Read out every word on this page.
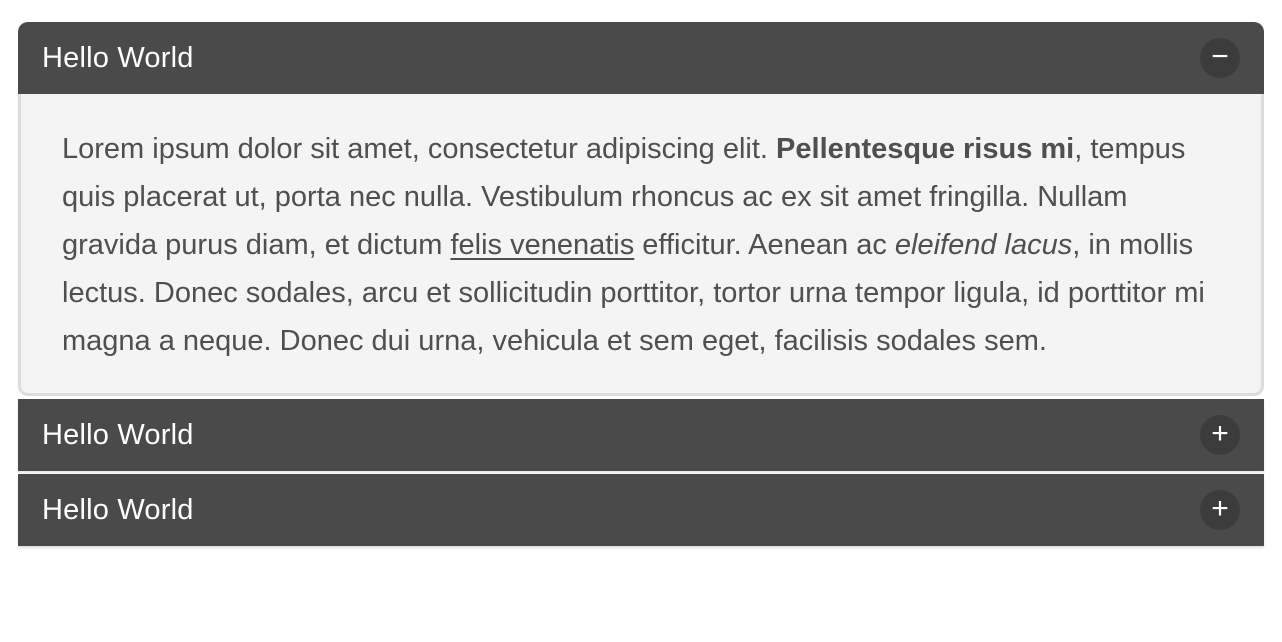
Hello World	−

Lorem ipsum dolor sit amet, consectetur adipiscing elit. Pellentesque risus mi, tempus quis placerat ut, porta nec nulla. Vestibulum rhoncus ac ex sit amet fringilla. Nullam gravida purus diam, et dictum felis venenatis efficitur. Aenean ac eleifend lacus, in mollis lectus. Donec sodales, arcu et sollicitudin porttitor, tortor urna tempor ligula, id porttitor mi magna a neque. Donec dui urna, vehicula et sem eget, facilisis sodales sem.

Hello World	+
Hello World	+
